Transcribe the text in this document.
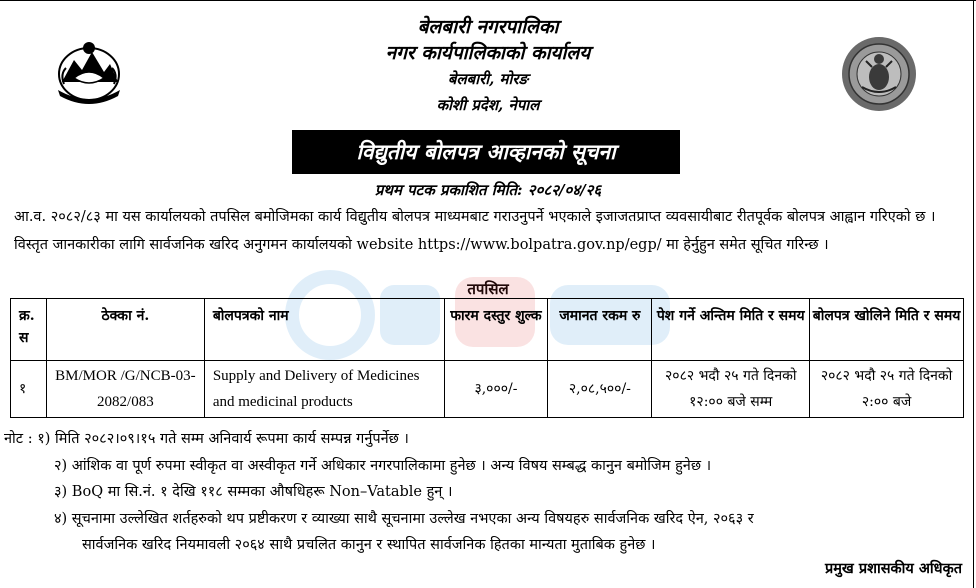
बेलबारी नगरपालिका
नगर कार्यपालिकाको कार्यालय
बेलबारी, मोरङ
कोशी प्रदेश, नेपाल
विद्युतीय बोलपत्र आव्हानको सूचना
प्रथम पटक प्रकाशित मिति: २०८२/०४/२६
आ.व. २०८२/८३ मा यस कार्यालयको तपसिल बमोजिमका कार्य विद्युतीय बोलपत्र माध्यमबाट गराउनुपर्ने भएकाले इजाजतप्राप्त व्यवसायीबाट रीतपूर्वक बोलपत्र आह्वान गरिएको छ । विस्तृत जानकारीका लागि सार्वजनिक खरिद अनुगमन कार्यालयको website https://www.bolpatra.gov.np/egp/ मा हेर्नुहुन समेत सूचित गरिन्छ ।
तपसिल
क्र. स	ठेक्का नं.	बोलपत्रको नाम	फारम दस्तुर शुल्क	जमानत रकम रु	पेश गर्ने अन्तिम मिति र समय	बोलपत्र खोलिने मिति र समय
१	BM/MOR /G/NCB-03-2082/083	Supply and Delivery of Medicines and medicinal products	३,०००/-	२,०८,५००/-	२०८२ भदौ २५ गते दिनको १२:०० बजे सम्म	२०८२ भदौ २५ गते दिनको २:०० बजे
नोट : १) मिति २०८२।०९।१५ गते सम्म अनिवार्य रूपमा कार्य सम्पन्न गर्नुपर्नेछ ।
२) आंशिक वा पूर्ण रुपमा स्वीकृत वा अस्वीकृत गर्ने अधिकार नगरपालिकामा हुनेछ । अन्य विषय सम्बद्ध कानुन बमोजिम हुनेछ ।
३) BoQ मा सि.नं. १ देखि ११८ सम्मका औषधिहरू Non–Vatable हुन् ।
४) सूचनामा उल्लेखित शर्तहरुको थप प्रष्टीकरण र व्याख्या साथै सूचनामा उल्लेख नभएका अन्य विषयहरु सार्वजनिक खरिद ऐन, २०६३ र
सार्वजनिक खरिद नियमावली २०६४ साथै प्रचलित कानुन र स्थापित सार्वजनिक हितका मान्यता मुताबिक हुनेछ ।
प्रमुख प्रशासकीय अधिकृत
